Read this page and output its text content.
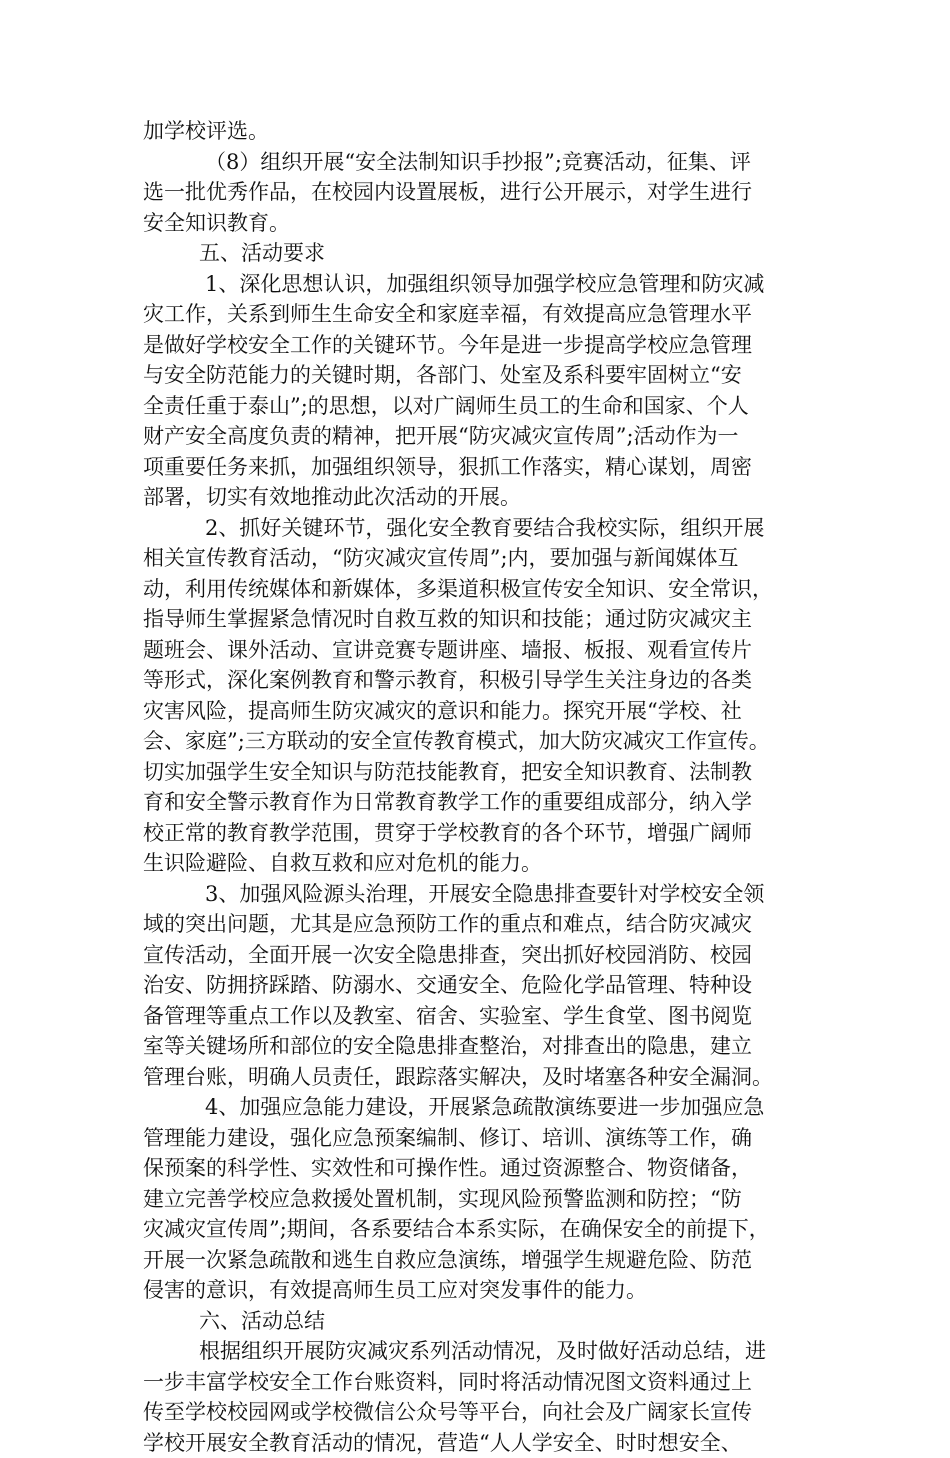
加学校评选。
（8）组织开展“安全法制知识手抄报”;竞赛活动，征集、评
选一批优秀作品，在校园内设置展板，进行公开展示，对学生进行
安全知识教育。
五、活动要求
1、深化思想认识，加强组织领导加强学校应急管理和防灾减
灾工作，关系到师生生命安全和家庭幸福，有效提高应急管理水平
是做好学校安全工作的关键环节。今年是进一步提高学校应急管理
与安全防范能力的关键时期，各部门、处室及系科要牢固树立“安
全责任重于泰山”;的思想，以对广阔师生员工的生命和国家、个人
财产安全高度负责的精神，把开展“防灾减灾宣传周”;活动作为一
项重要任务来抓，加强组织领导，狠抓工作落实，精心谋划，周密
部署，切实有效地推动此次活动的开展。
2、抓好关键环节，强化安全教育要结合我校实际，组织开展
相关宣传教育活动，“防灾减灾宣传周”;内，要加强与新闻媒体互
动，利用传统媒体和新媒体，多渠道积极宣传安全知识、安全常识，
指导师生掌握紧急情况时自救互救的知识和技能；通过防灾减灾主
题班会、课外活动、宣讲竞赛专题讲座、墙报、板报、观看宣传片
等形式，深化案例教育和警示教育，积极引导学生关注身边的各类
灾害风险，提高师生防灾减灾的意识和能力。探究开展“学校、社
会、家庭”;三方联动的安全宣传教育模式，加大防灾减灾工作宣传。
切实加强学生安全知识与防范技能教育，把安全知识教育、法制教
育和安全警示教育作为日常教育教学工作的重要组成部分，纳入学
校正常的教育教学范围，贯穿于学校教育的各个环节，增强广阔师
生识险避险、自救互救和应对危机的能力。
3、加强风险源头治理，开展安全隐患排查要针对学校安全领
域的突出问题，尤其是应急预防工作的重点和难点，结合防灾减灾
宣传活动，全面开展一次安全隐患排查，突出抓好校园消防、校园
治安、防拥挤踩踏、防溺水、交通安全、危险化学品管理、特种设
备管理等重点工作以及教室、宿舍、实验室、学生食堂、图书阅览
室等关键场所和部位的安全隐患排查整治，对排查出的隐患，建立
管理台账，明确人员责任，跟踪落实解决，及时堵塞各种安全漏洞。
4、加强应急能力建设，开展紧急疏散演练要进一步加强应急
管理能力建设，强化应急预案编制、修订、培训、演练等工作，确
保预案的科学性、实效性和可操作性。通过资源整合、物资储备，
建立完善学校应急救援处置机制，实现风险预警监测和防控；“防
灾减灾宣传周”;期间，各系要结合本系实际，在确保安全的前提下，
开展一次紧急疏散和逃生自救应急演练，增强学生规避危险、防范
侵害的意识，有效提高师生员工应对突发事件的能力。
六、活动总结
根据组织开展防灾减灾系列活动情况，及时做好活动总结，进
一步丰富学校安全工作台账资料，同时将活动情况图文资料通过上
传至学校校园网或学校微信公众号等平台，向社会及广阔家长宣传
学校开展安全教育活动的情况，营造“人人学安全、时时想安全、
